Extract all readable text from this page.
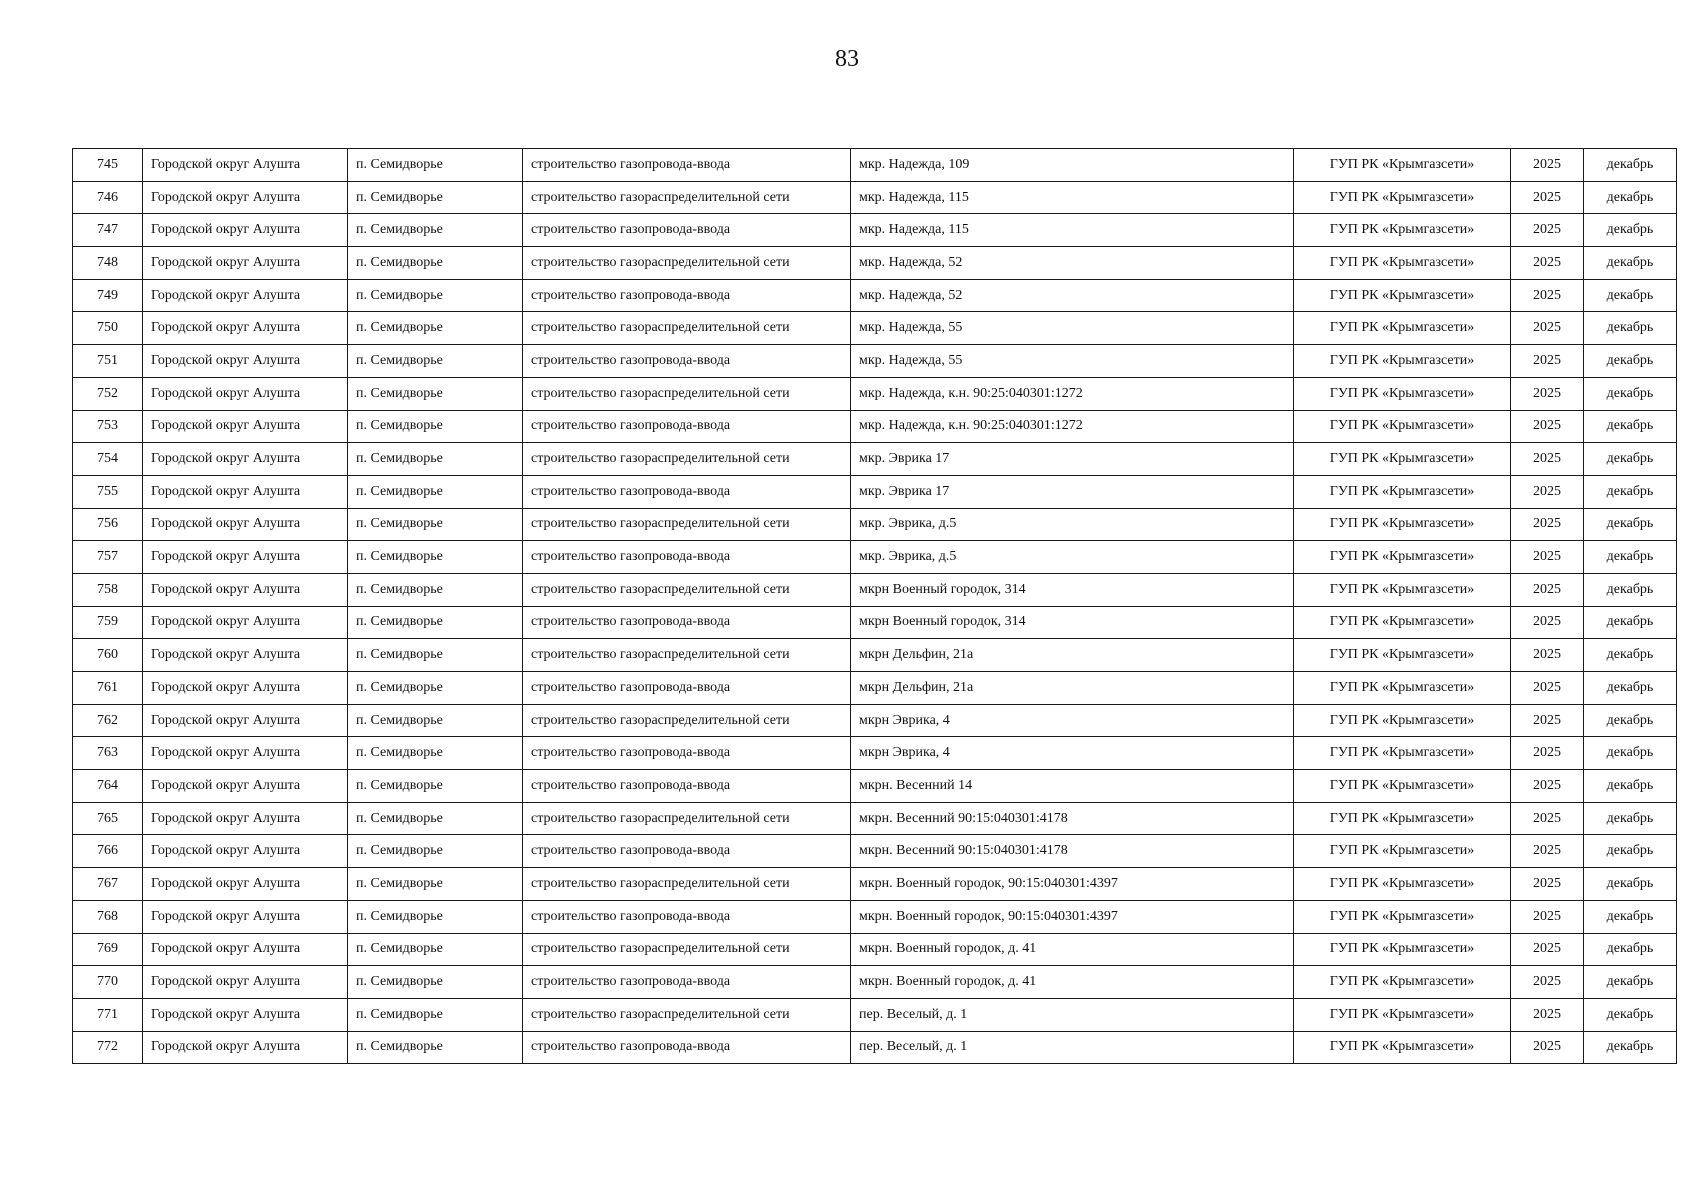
83
745	Городской округ Алушта	п. Семидворье	строительство газопровода-ввода	мкр. Надежда, 109	ГУП РК «Крымгазсети»	2025	декабрь
746	Городской округ Алушта	п. Семидворье	строительство газораспределительной сети	мкр. Надежда, 115	ГУП РК «Крымгазсети»	2025	декабрь
747	Городской округ Алушта	п. Семидворье	строительство газопровода-ввода	мкр. Надежда, 115	ГУП РК «Крымгазсети»	2025	декабрь
748	Городской округ Алушта	п. Семидворье	строительство газораспределительной сети	мкр. Надежда, 52	ГУП РК «Крымгазсети»	2025	декабрь
749	Городской округ Алушта	п. Семидворье	строительство газопровода-ввода	мкр. Надежда, 52	ГУП РК «Крымгазсети»	2025	декабрь
750	Городской округ Алушта	п. Семидворье	строительство газораспределительной сети	мкр. Надежда, 55	ГУП РК «Крымгазсети»	2025	декабрь
751	Городской округ Алушта	п. Семидворье	строительство газопровода-ввода	мкр. Надежда, 55	ГУП РК «Крымгазсети»	2025	декабрь
752	Городской округ Алушта	п. Семидворье	строительство газораспределительной сети	мкр. Надежда, к.н. 90:25:040301:1272	ГУП РК «Крымгазсети»	2025	декабрь
753	Городской округ Алушта	п. Семидворье	строительство газопровода-ввода	мкр. Надежда, к.н. 90:25:040301:1272	ГУП РК «Крымгазсети»	2025	декабрь
754	Городской округ Алушта	п. Семидворье	строительство газораспределительной сети	мкр. Эврика 17	ГУП РК «Крымгазсети»	2025	декабрь
755	Городской округ Алушта	п. Семидворье	строительство газопровода-ввода	мкр. Эврика 17	ГУП РК «Крымгазсети»	2025	декабрь
756	Городской округ Алушта	п. Семидворье	строительство газораспределительной сети	мкр. Эврика, д.5	ГУП РК «Крымгазсети»	2025	декабрь
757	Городской округ Алушта	п. Семидворье	строительство газопровода-ввода	мкр. Эврика, д.5	ГУП РК «Крымгазсети»	2025	декабрь
758	Городской округ Алушта	п. Семидворье	строительство газораспределительной сети	мкрн Военный городок, 314	ГУП РК «Крымгазсети»	2025	декабрь
759	Городской округ Алушта	п. Семидворье	строительство газопровода-ввода	мкрн Военный городок, 314	ГУП РК «Крымгазсети»	2025	декабрь
760	Городской округ Алушта	п. Семидворье	строительство газораспределительной сети	мкрн Дельфин, 21а	ГУП РК «Крымгазсети»	2025	декабрь
761	Городской округ Алушта	п. Семидворье	строительство газопровода-ввода	мкрн Дельфин, 21а	ГУП РК «Крымгазсети»	2025	декабрь
762	Городской округ Алушта	п. Семидворье	строительство газораспределительной сети	мкрн Эврика, 4	ГУП РК «Крымгазсети»	2025	декабрь
763	Городской округ Алушта	п. Семидворье	строительство газопровода-ввода	мкрн Эврика, 4	ГУП РК «Крымгазсети»	2025	декабрь
764	Городской округ Алушта	п. Семидворье	строительство газопровода-ввода	мкрн. Весенний 14	ГУП РК «Крымгазсети»	2025	декабрь
765	Городской округ Алушта	п. Семидворье	строительство газораспределительной сети	мкрн. Весенний 90:15:040301:4178	ГУП РК «Крымгазсети»	2025	декабрь
766	Городской округ Алушта	п. Семидворье	строительство газопровода-ввода	мкрн. Весенний 90:15:040301:4178	ГУП РК «Крымгазсети»	2025	декабрь
767	Городской округ Алушта	п. Семидворье	строительство газораспределительной сети	мкрн. Военный городок, 90:15:040301:4397	ГУП РК «Крымгазсети»	2025	декабрь
768	Городской округ Алушта	п. Семидворье	строительство газопровода-ввода	мкрн. Военный городок, 90:15:040301:4397	ГУП РК «Крымгазсети»	2025	декабрь
769	Городской округ Алушта	п. Семидворье	строительство газораспределительной сети	мкрн. Военный городок, д. 41	ГУП РК «Крымгазсети»	2025	декабрь
770	Городской округ Алушта	п. Семидворье	строительство газопровода-ввода	мкрн. Военный городок, д. 41	ГУП РК «Крымгазсети»	2025	декабрь
771	Городской округ Алушта	п. Семидворье	строительство газораспределительной сети	пер. Веселый, д. 1	ГУП РК «Крымгазсети»	2025	декабрь
772	Городской округ Алушта	п. Семидворье	строительство газопровода-ввода	пер. Веселый, д. 1	ГУП РК «Крымгазсети»	2025	декабрь
